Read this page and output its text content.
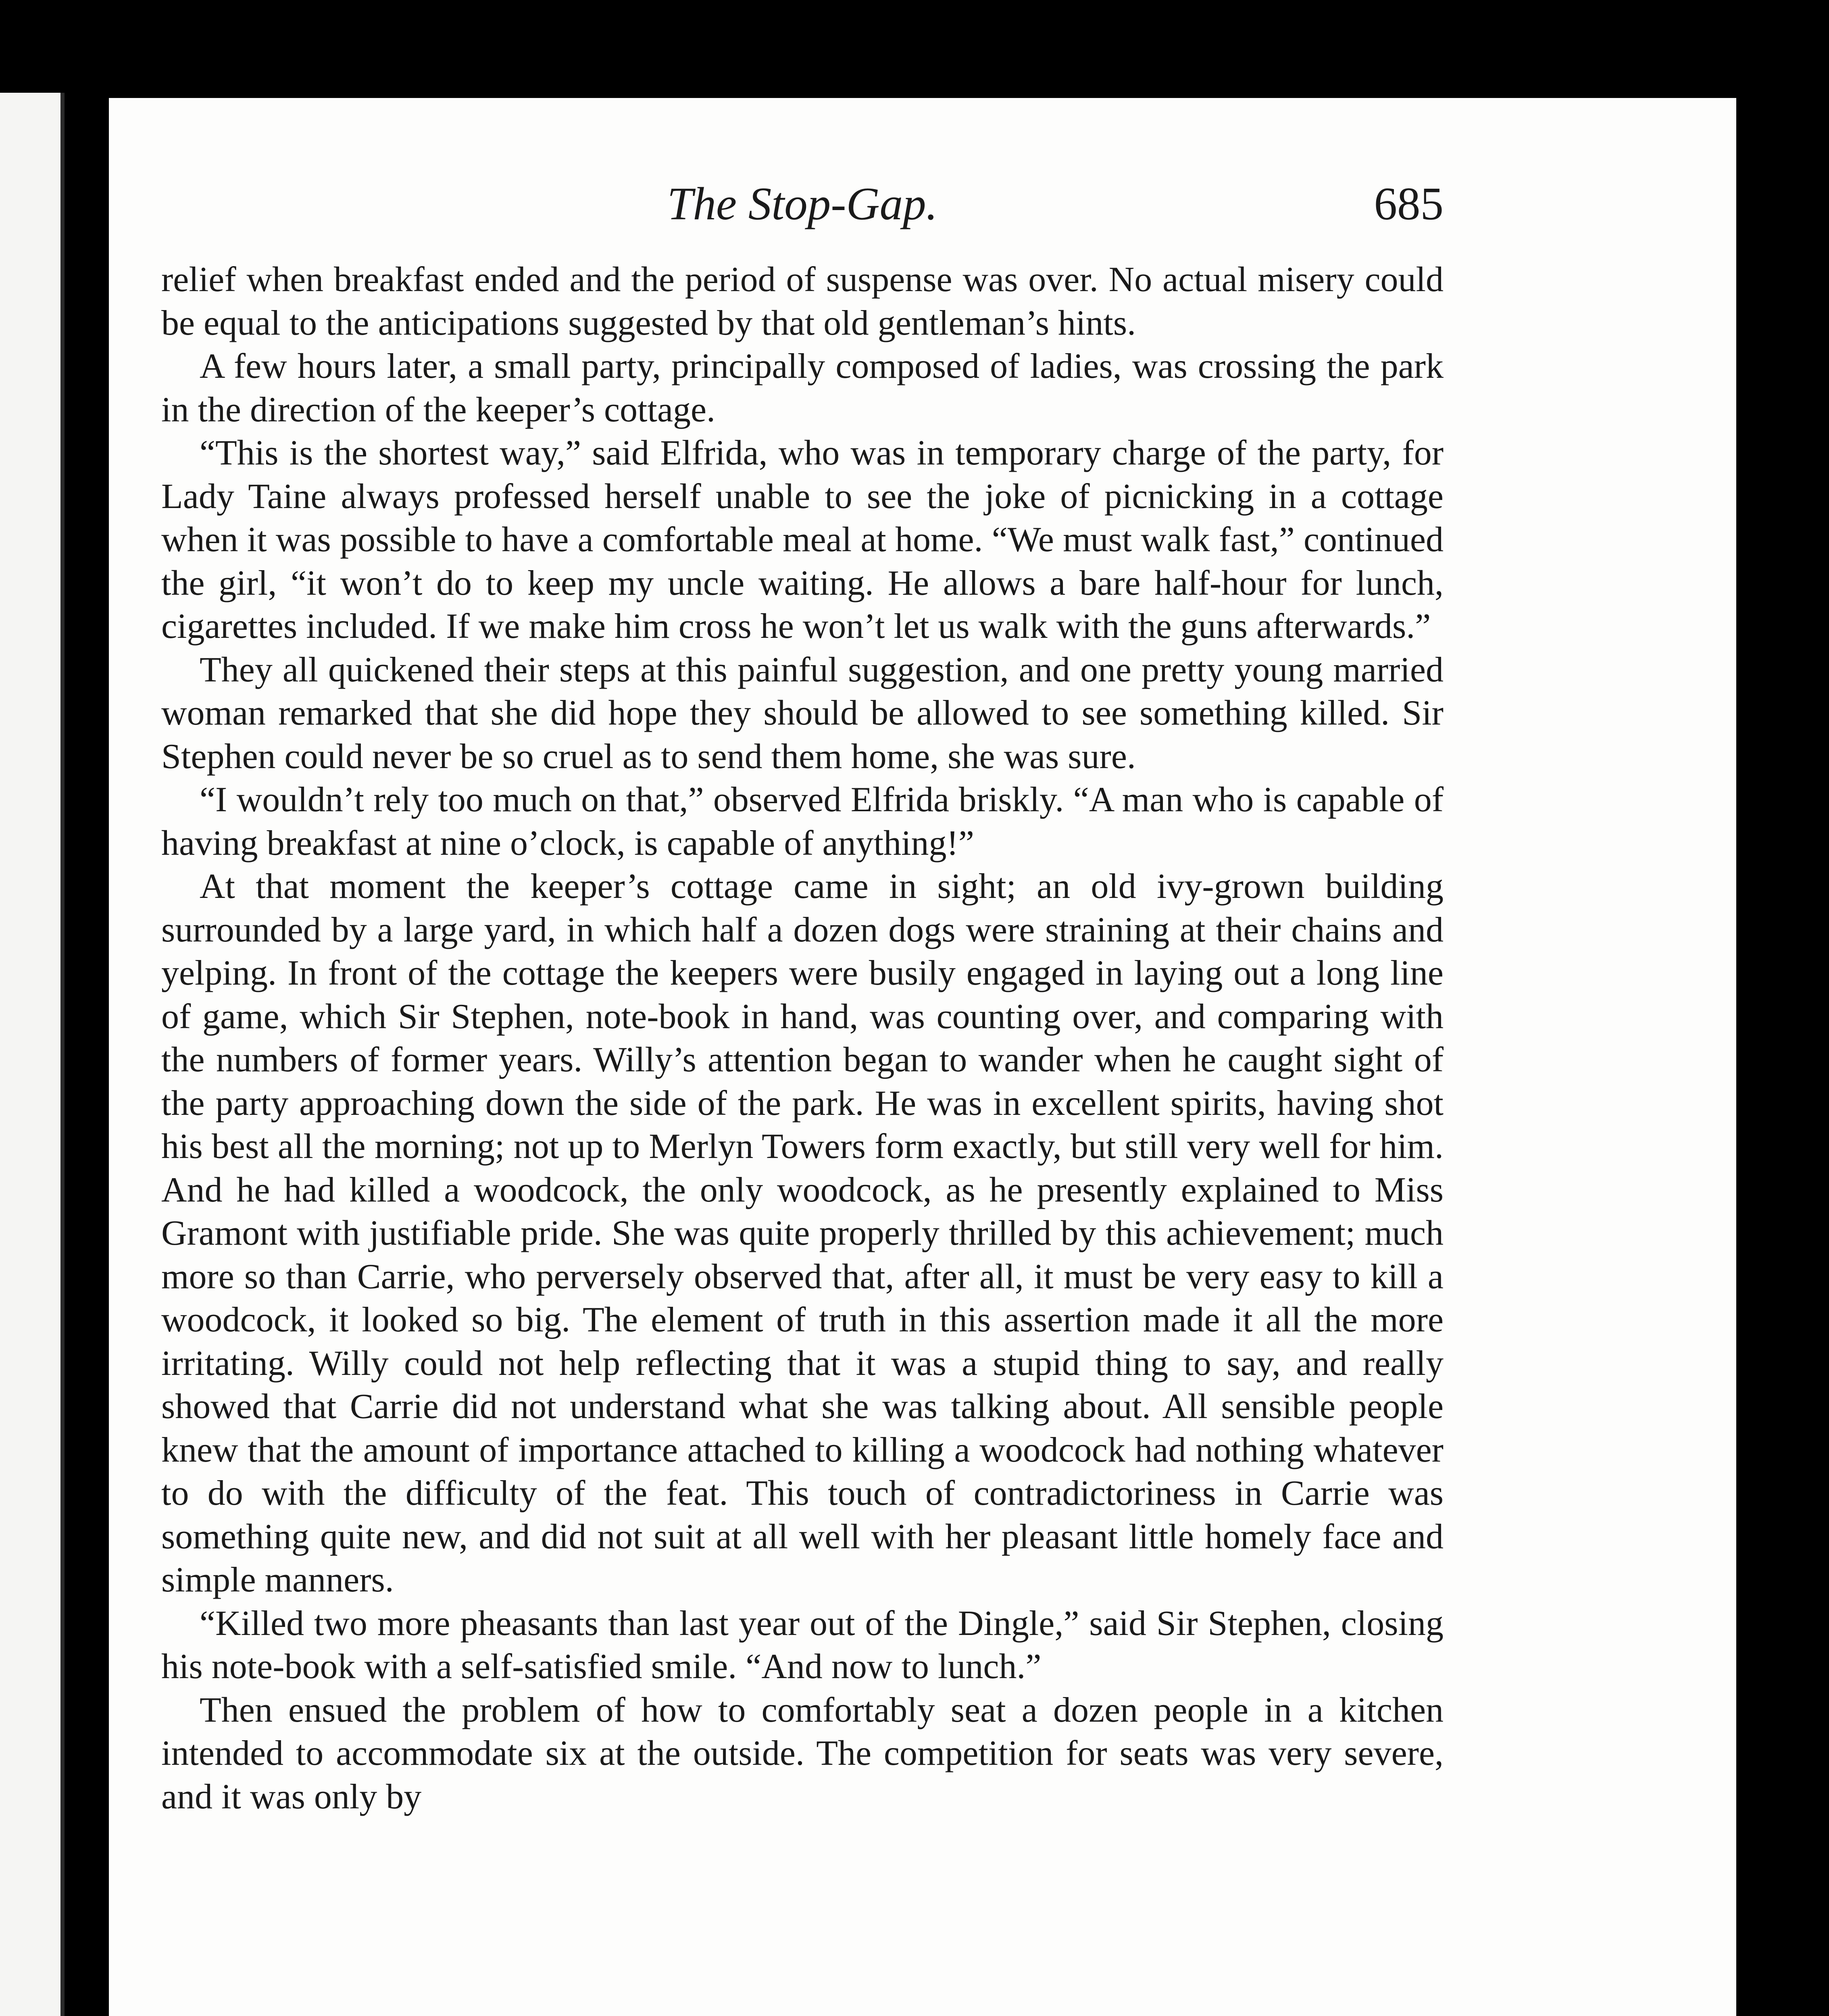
The Stop-Gap.	685

relief when breakfast ended and the period of suspense was over. No actual misery could be equal to the anticipations suggested by that old gentleman’s hints.

A few hours later, a small party, principally composed of ladies, was crossing the park in the direction of the keeper’s cottage.

“This is the shortest way,” said Elfrida, who was in temporary charge of the party, for Lady Taine always professed herself unable to see the joke of picnicking in a cottage when it was possible to have a comfortable meal at home. “We must walk fast,” continued the girl, “it won’t do to keep my uncle waiting. He allows a bare half-hour for lunch, cigarettes included. If we make him cross he won’t let us walk with the guns afterwards.”

They all quickened their steps at this painful suggestion, and one pretty young married woman remarked that she did hope they should be allowed to see something killed. Sir Stephen could never be so cruel as to send them home, she was sure.

“I wouldn’t rely too much on that,” observed Elfrida briskly. “A man who is capable of having breakfast at nine o’clock, is capable of anything!”

At that moment the keeper’s cottage came in sight; an old ivy-grown building surrounded by a large yard, in which half a dozen dogs were straining at their chains and yelping. In front of the cottage the keepers were busily engaged in laying out a long line of game, which Sir Stephen, note-book in hand, was counting over, and comparing with the numbers of former years. Willy’s attention began to wander when he caught sight of the party approaching down the side of the park. He was in excellent spirits, having shot his best all the morning; not up to Merlyn Towers form exactly, but still very well for him. And he had killed a woodcock, the only woodcock, as he presently explained to Miss Gramont with justifiable pride. She was quite properly thrilled by this achievement; much more so than Carrie, who perversely observed that, after all, it must be very easy to kill a woodcock, it looked so big. The element of truth in this assertion made it all the more irritating. Willy could not help reflecting that it was a stupid thing to say, and really showed that Carrie did not understand what she was talking about. All sensible people knew that the amount of importance attached to killing a woodcock had nothing whatever to do with the difficulty of the feat. This touch of contradictoriness in Carrie was something quite new, and did not suit at all well with her pleasant little homely face and simple manners.

“Killed two more pheasants than last year out of the Dingle,” said Sir Stephen, closing his note-book with a self-satisfied smile. “And now to lunch.”

Then ensued the problem of how to comfortably seat a dozen people in a kitchen intended to accommodate six at the outside. The competition for seats was very severe, and it was only by
